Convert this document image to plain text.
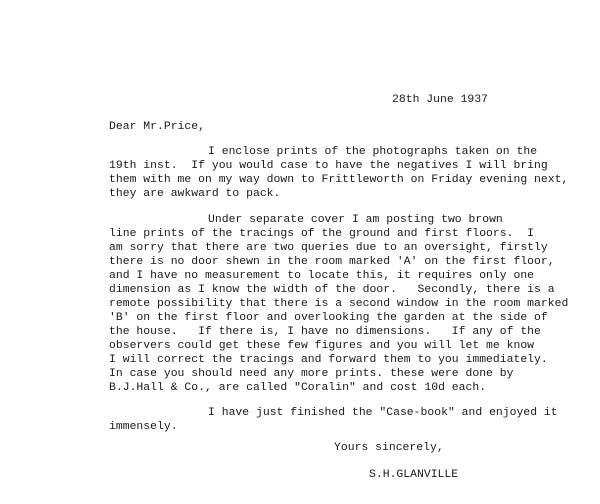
28th June 1937
Dear Mr.Price,
I enclose prints of the photographs taken on the
19th inst.  If you would case to have the negatives I will bring
them with me on my way down to Frittleworth on Friday evening next,
they are awkward to pack.
Under separate cover I am posting two brown
line prints of the tracings of the ground and first floors.  I
am sorry that there are two queries due to an oversight, firstly
there is no door shewn in the room marked 'A' on the first floor,
and I have no measurement to locate this, it requires only one
dimension as I know the width of the door.   Secondly, there is a
remote possibility that there is a second window in the room marked
'B' on the first floor and overlooking the garden at the side of
the house.   If there is, I have no dimensions.   If any of the
observers could get these few figures and you will let me know
I will correct the tracings and forward them to you immediately.
In case you should need any more prints. these were done by
B.J.Hall & Co., are called "Coralin" and cost 10d each.
I have just finished the "Case-book" and enjoyed it
immensely.
Yours sincerely,
S.H.GLANVILLE
